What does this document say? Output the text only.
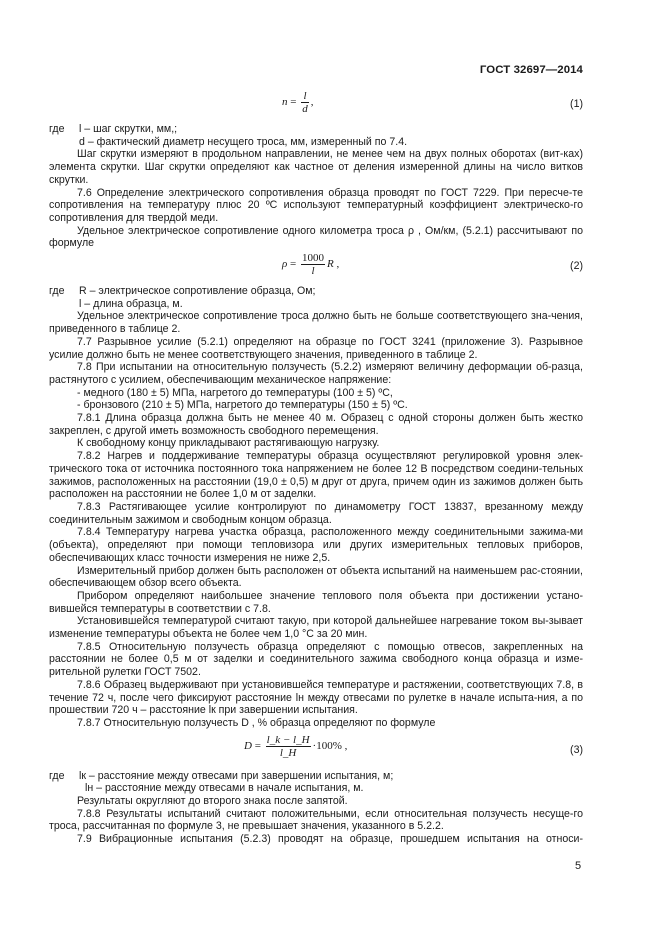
ГОСТ 32697—2014
$n = \frac{l}{d}$ ,	(1)
где	l – шаг скрутки, мм,;
d – фактический диаметр несущего троса, мм, измеренный по 7.4.
Шаг скрутки измеряют в продольном направлении, не менее чем на двух полных оборотах (вит-ках) элемента скрутки. Шаг скрутки определяют как частное от деления измеренной длины на число витков скрутки.
7.6 Определение электрического сопротивления образца проводят по ГОСТ 7229. При пересче-те сопротивления на температуру плюс 20 ºС используют температурный коэффициент электрическо-го сопротивления для твердой меди.
Удельное электрическое сопротивление одного километра троса ρ , Ом/км, (5.2.1) рассчитывают по формуле
$\rho = \frac{1000}{l}$ R ,	(2)
где	R – электрическое сопротивление образца, Ом;
l – длина образца, м.
Удельное электрическое сопротивление троса должно быть не больше соответствующего зна-чения, приведенного в таблице 2.
7.7 Разрывное усилие (5.2.1) определяют на образце по ГОСТ 3241 (приложение 3). Разрывное усилие должно быть не менее соответствующего значения, приведенного в таблице 2.
7.8 При испытании на относительную ползучесть (5.2.2) измеряют величину деформации об-разца, растянутого с усилием, обеспечивающим механическое напряжение:
- медного (180 ± 5) МПа, нагретого до температуры (100 ± 5) ºС,
- бронзового (210 ± 5) МПа, нагретого до температуры (150 ± 5) ºС.
7.8.1 Длина образца должна быть не менее 40 м. Образец с одной стороны должен быть жестко закреплен, с другой иметь возможность свободного перемещения.
К свободному концу прикладывают растягивающую нагрузку.
7.8.2 Нагрев и поддерживание температуры образца осуществляют регулировкой уровня элек-трического тока от источника постоянного тока напряжением не более 12 В посредством соедини-тельных зажимов, расположенных на расстоянии (19,0 ± 0,5) м друг от друга, причем один из зажимов должен быть расположен на расстоянии не более 1,0 м от заделки.
7.8.3 Растягивающее усилие контролируют по динамометру ГОСТ 13837, врезанному между соединительным зажимом и свободным концом образца.
7.8.4 Температуру нагрева участка образца, расположенного между соединительными зажима-ми (объекта), определяют при помощи тепловизора или других измерительных тепловых приборов, обеспечивающих класс точности измерения не ниже 2,5.
Измерительный прибор должен быть расположен от объекта испытаний на наименьшем рас-стоянии, обеспечивающем обзор всего объекта.
Прибором определяют наибольшее значение теплового поля объекта при достижении устано-вившейся температуры в соответствии с 7.8.
Установившейся температурой считают такую, при которой дальнейшее нагревание током вы-зывает изменение температуры объекта не более чем 1,0 °С за 20 мин.
7.8.5 Относительную ползучесть образца определяют с помощью отвесов, закрепленных на расстоянии не более 0,5 м от заделки и соединительного зажима свободного конца образца и изме-рительной рулетки ГОСТ 7502.
7.8.6 Образец выдерживают при установившейся температуре и растяжении, соответствующих 7.8, в течение 72 ч, после чего фиксируют расстояние lн между отвесами по рулетке в начале испыта-ния, а по прошествии 720 ч – расстояние lк при завершении испытания.
7.8.7 Относительную ползучесть D , % образца определяют по формуле
$D = \frac{l\_k - l\_H}{l\_H} \cdot 100\%$ ,	(3)
где	lк – расстояние между отвесами при завершении испытания, м;
lн – расстояние между отвесами в начале испытания, м.
Результаты округляют до второго знака после запятой.
7.8.8 Результаты испытаний считают положительными, если относительная ползучесть несуще-го троса, рассчитанная по формуле 3, не превышает значения, указанного в 5.2.2.
7.9 Вибрационные испытания (5.2.3) проводят на образце, прошедшем испытания на относи-
5
